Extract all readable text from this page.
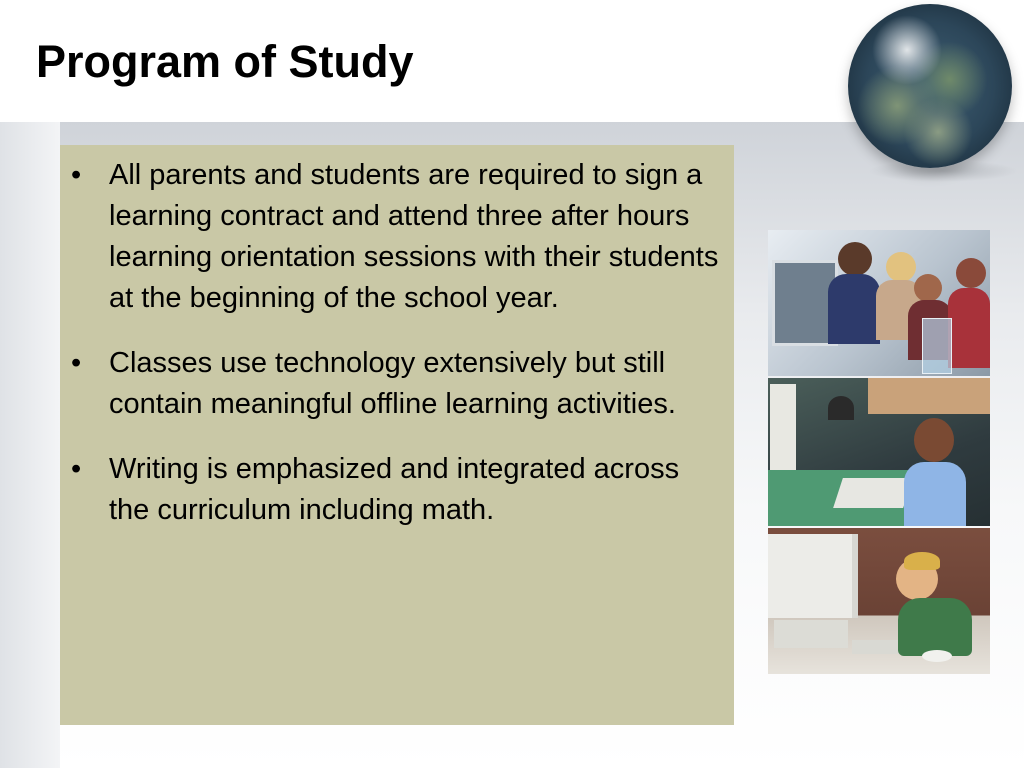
Program of Study
• All parents and students are required to sign a learning contract and attend three after hours learning orientation sessions with their students at the beginning of the school year.
• Classes use technology extensively but still contain meaningful offline learning activities.
• Writing is emphasized and integrated across the curriculum including math.
